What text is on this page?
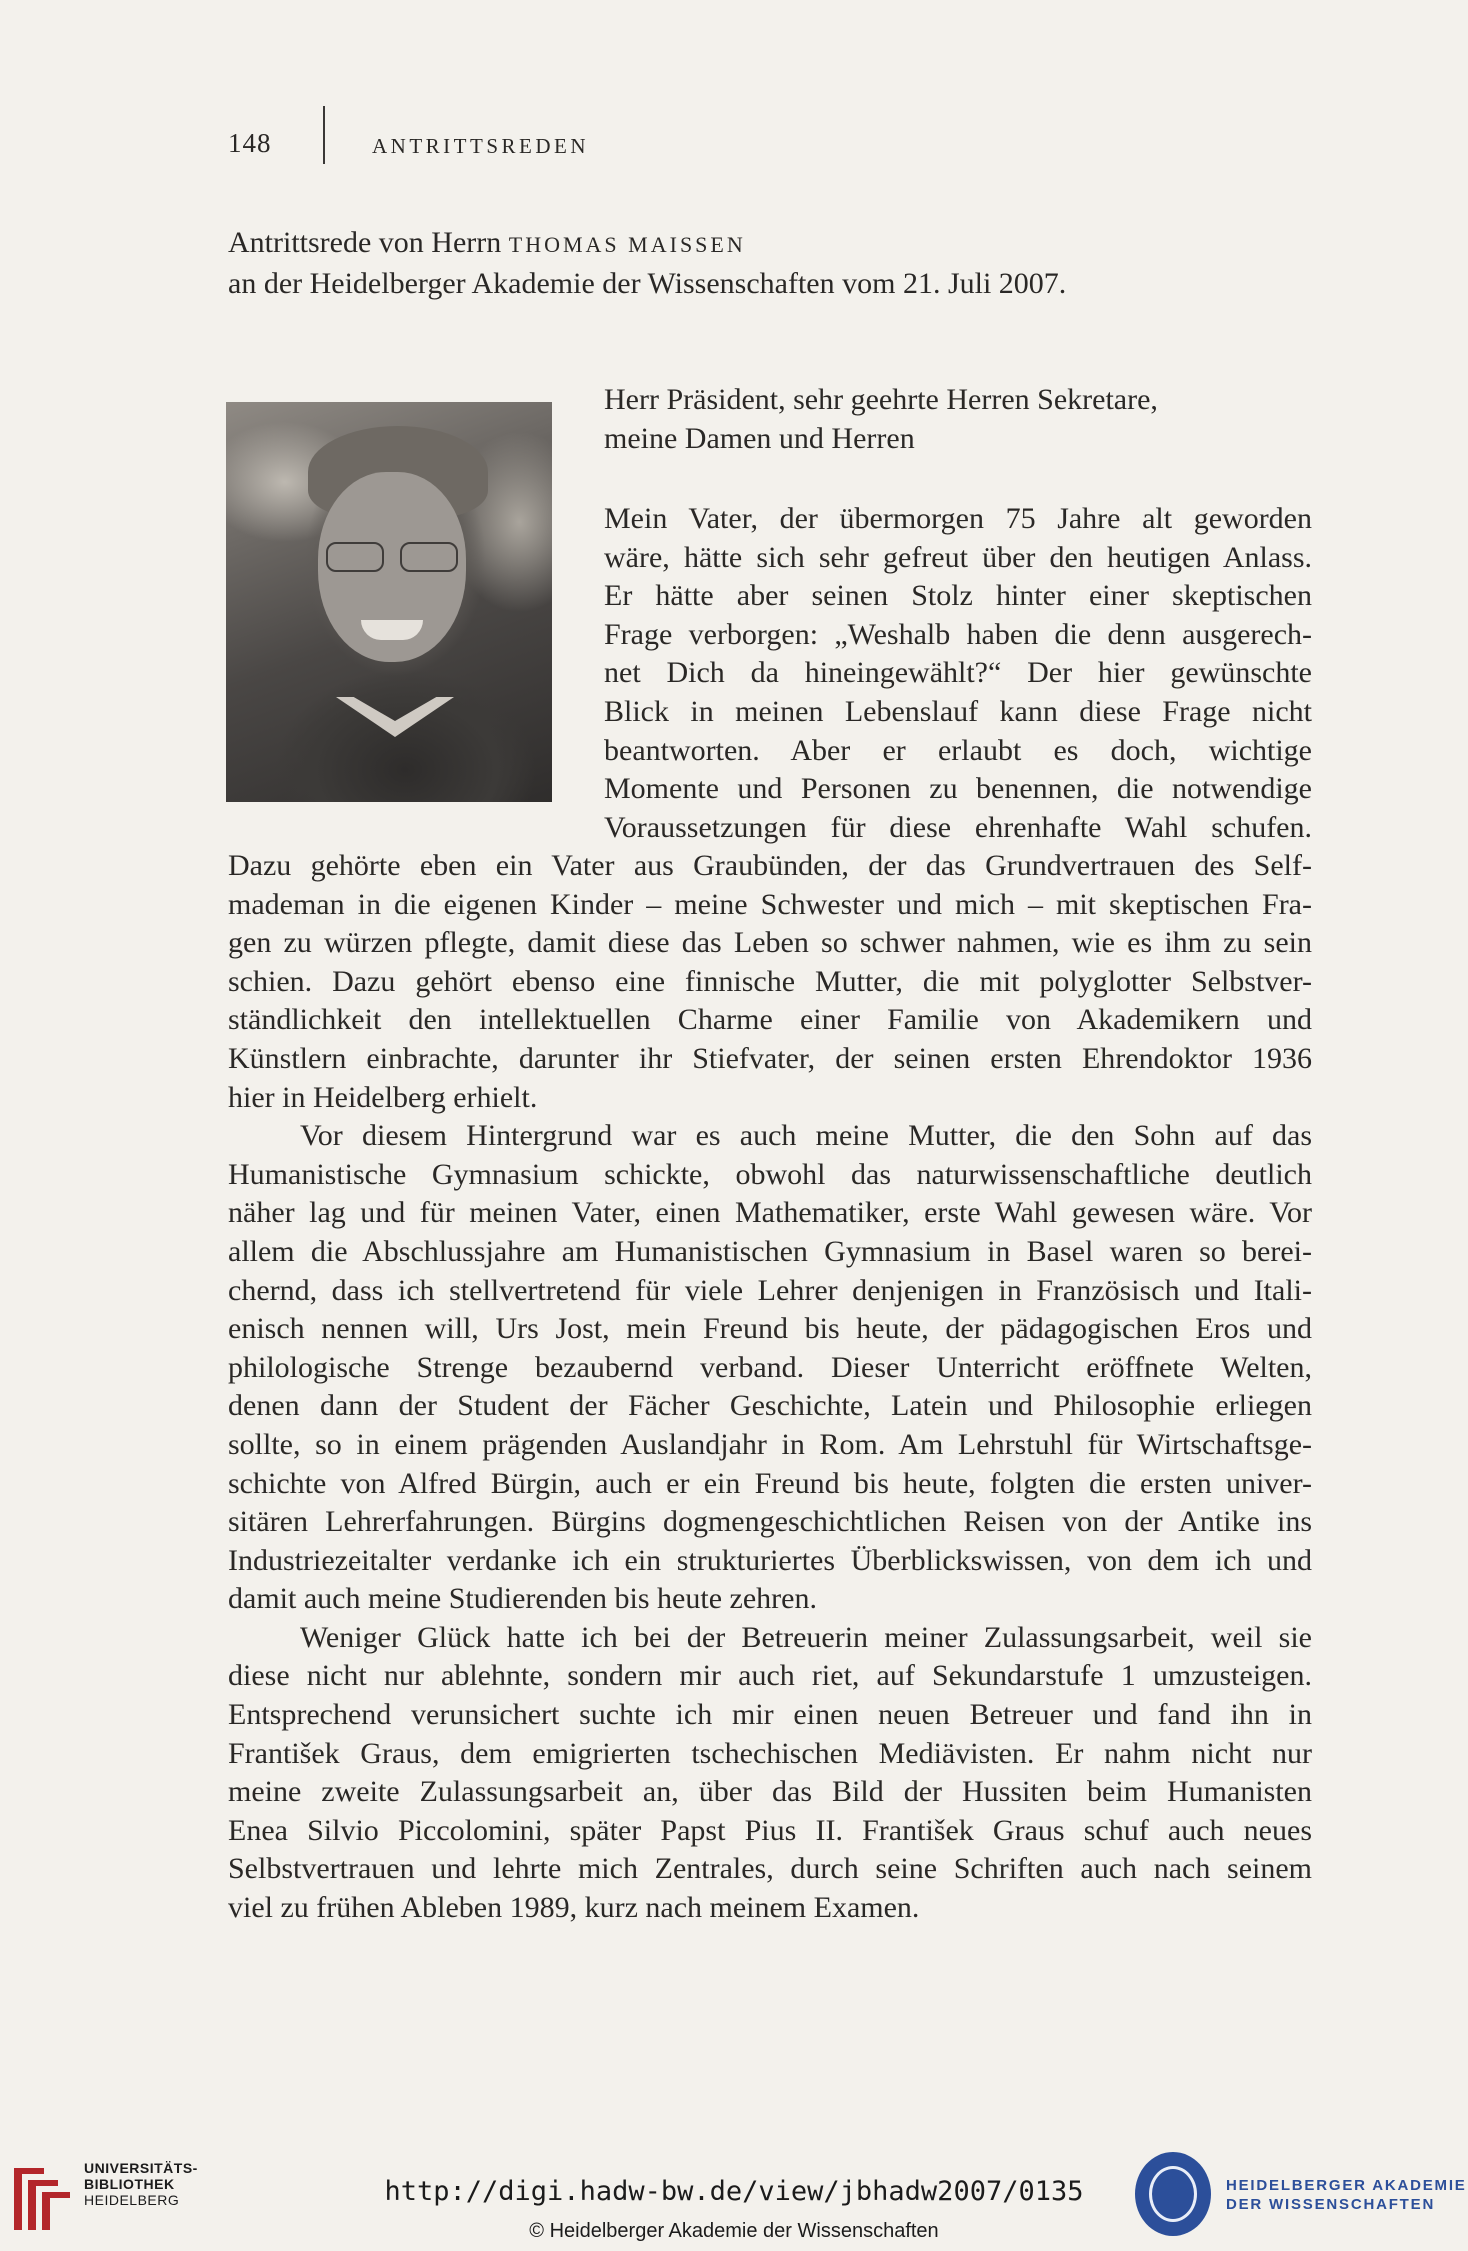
148	ANTRITTSREDEN
Antrittsrede von Herrn THOMAS MAISSEN
an der Heidelberger Akademie der Wissenschaften vom 21. Juli 2007.
Herr Präsident, sehr geehrte Herren Sekretare,
meine Damen und Herren
Mein Vater, der übermorgen 75 Jahre alt geworden
wäre, hätte sich sehr gefreut über den heutigen Anlass.
Er hätte aber seinen Stolz hinter einer skeptischen
Frage verborgen: „Weshalb haben die denn ausgerech-
net Dich da hineingewählt?“ Der hier gewünschte
Blick in meinen Lebenslauf kann diese Frage nicht
beantworten. Aber er erlaubt es doch, wichtige
Momente und Personen zu benennen, die notwendige
Voraussetzungen für diese ehrenhafte Wahl schufen.
Dazu gehörte eben ein Vater aus Graubünden, der das Grundvertrauen des Self-
mademan in die eigenen Kinder – meine Schwester und mich – mit skeptischen Fra-
gen zu würzen pflegte, damit diese das Leben so schwer nahmen, wie es ihm zu sein
schien. Dazu gehört ebenso eine finnische Mutter, die mit polyglotter Selbstver-
ständlichkeit den intellektuellen Charme einer Familie von Akademikern und
Künstlern einbrachte, darunter ihr Stiefvater, der seinen ersten Ehrendoktor 1936
hier in Heidelberg erhielt.
Vor diesem Hintergrund war es auch meine Mutter, die den Sohn auf das
Humanistische Gymnasium schickte, obwohl das naturwissenschaftliche deutlich
näher lag und für meinen Vater, einen Mathematiker, erste Wahl gewesen wäre. Vor
allem die Abschlussjahre am Humanistischen Gymnasium in Basel waren so berei-
chernd, dass ich stellvertretend für viele Lehrer denjenigen in Französisch und Itali-
enisch nennen will, Urs Jost, mein Freund bis heute, der pädagogischen Eros und
philologische Strenge bezaubernd verband. Dieser Unterricht eröffnete Welten,
denen dann der Student der Fächer Geschichte, Latein und Philosophie erliegen
sollte, so in einem prägenden Auslandjahr in Rom. Am Lehrstuhl für Wirtschaftsge-
schichte von Alfred Bürgin, auch er ein Freund bis heute, folgten die ersten univer-
sitären Lehrerfahrungen. Bürgins dogmengeschichtlichen Reisen von der Antike ins
Industriezeitalter verdanke ich ein strukturiertes Überblickswissen, von dem ich und
damit auch meine Studierenden bis heute zehren.
Weniger Glück hatte ich bei der Betreuerin meiner Zulassungsarbeit, weil sie
diese nicht nur ablehnte, sondern mir auch riet, auf Sekundarstufe 1 umzusteigen.
Entsprechend verunsichert suchte ich mir einen neuen Betreuer und fand ihn in
František Graus, dem emigrierten tschechischen Mediävisten. Er nahm nicht nur
meine zweite Zulassungsarbeit an, über das Bild der Hussiten beim Humanisten
Enea Silvio Piccolomini, später Papst Pius II. František Graus schuf auch neues
Selbstvertrauen und lehrte mich Zentrales, durch seine Schriften auch nach seinem
viel zu frühen Ableben 1989, kurz nach meinem Examen.
UNIVERSITÄTS-
BIBLIOTHEK
HEIDELBERG	http://digi.hadw-bw.de/view/jbhadw2007/0135
© Heidelberger Akademie der Wissenschaften
HEIDELBERGER AKADEMIE
DER WISSENSCHAFTEN
